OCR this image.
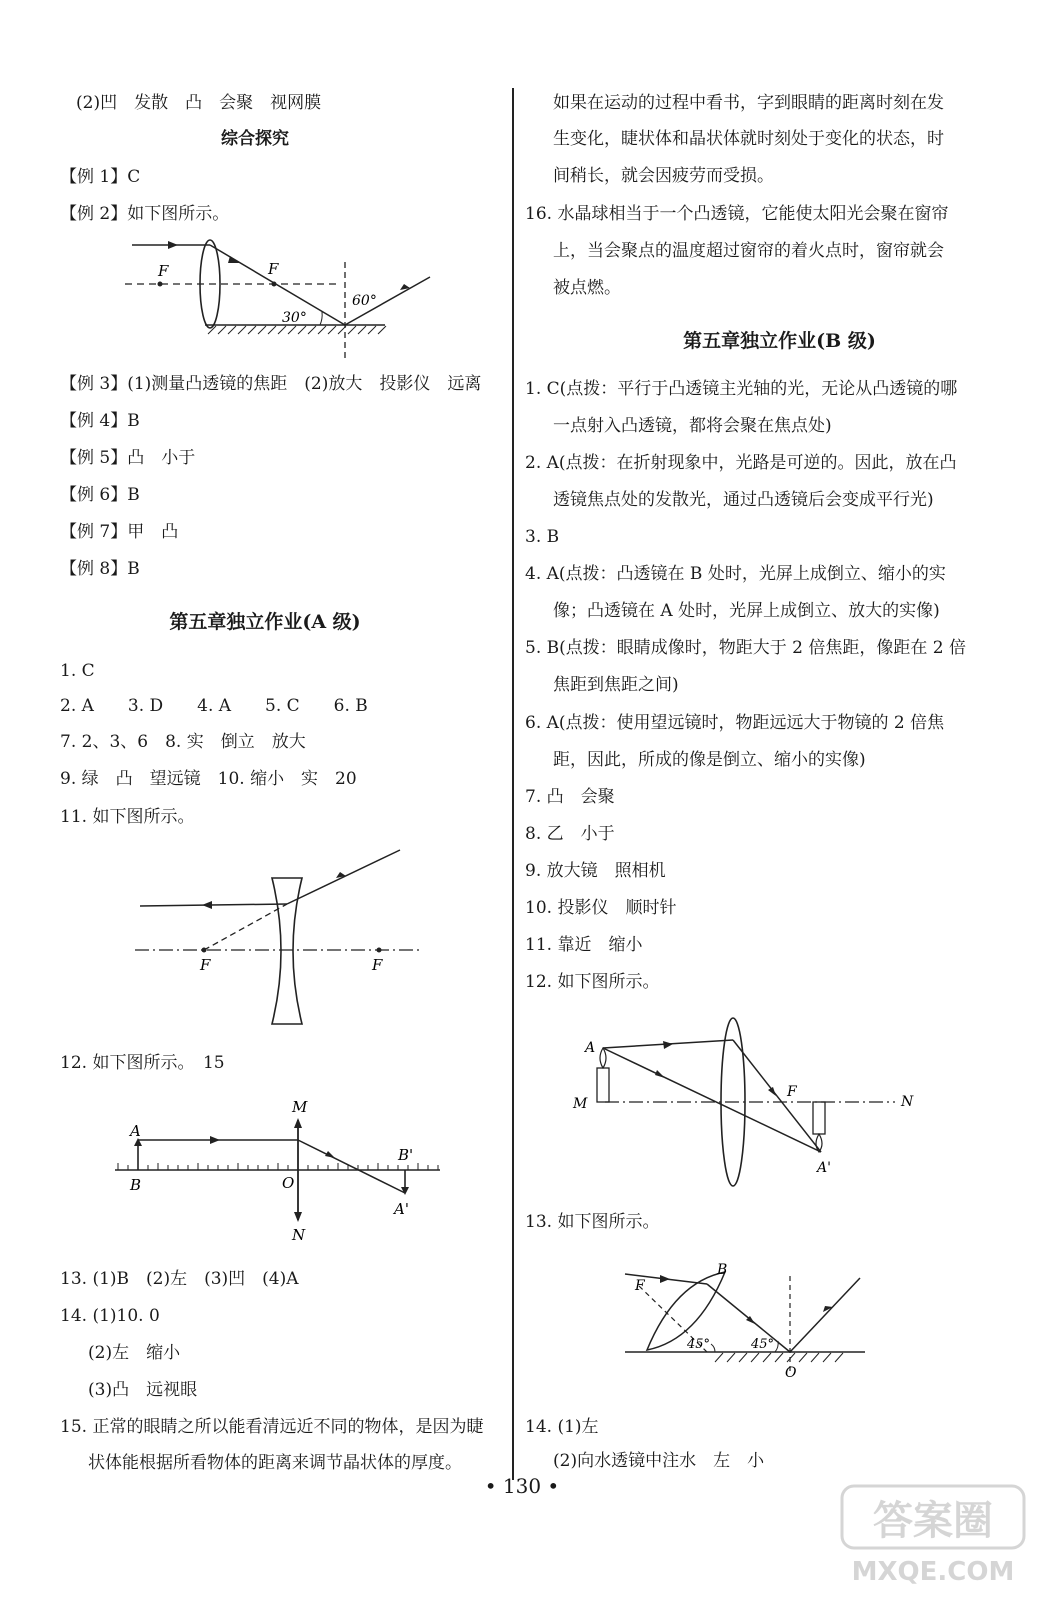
(2)凹　发散　凸　会聚　视网膜
综合探究
【例 1】C
【例 2】如下图所示。
F	F
30°
60°
【例 3】(1)测量凸透镜的焦距　(2)放大　投影仪　远离
【例 4】B
【例 5】凸　小于
【例 6】B
【例 7】甲　凸
【例 8】B
第五章独立作业(A 级)
1. C
2. A　　3. D　　4. A　　5. C　　6. B
7. 2、3、6　8. 实　倒立　放大
9. 绿　凸　望远镜　10. 缩小　实　20
11. 如下图所示。
F	F
12. 如下图所示。　15
M
N
A
B	O
B'
A'
13. (1)B　(2)左　(3)凹　(4)A
14. (1)10. 0
(2)左　缩小
(3)凸　远视眼
15. 正常的眼睛之所以能看清远近不同的物体，是因为睫
状体能根据所看物体的距离来调节晶状体的厚度。
如果在运动的过程中看书，字到眼睛的距离时刻在发
生变化，睫状体和晶状体就时刻处于变化的状态，时
间稍长，就会因疲劳而受损。
16. 水晶球相当于一个凸透镜，它能使太阳光会聚在窗帘
上，当会聚点的温度超过窗帘的着火点时，窗帘就会
被点燃。
第五章独立作业(B 级)
1. C(点拨：平行于凸透镜主光轴的光，无论从凸透镜的哪
一点射入凸透镜，都将会聚在焦点处)
2. A(点拨：在折射现象中，光路是可逆的。因此，放在凸
透镜焦点处的发散光，通过凸透镜后会变成平行光)
3. B
4. A(点拨：凸透镜在 B 处时，光屏上成倒立、缩小的实
像；凸透镜在 A 处时，光屏上成倒立、放大的实像)
5. B(点拨：眼睛成像时，物距大于 2 倍焦距，像距在 2 倍
焦距到焦距之间)
6. A(点拨：使用望远镜时，物距远远大于物镜的 2 倍焦
距，因此，所成的像是倒立、缩小的实像)
7. 凸　会聚
8. 乙　小于
9. 放大镜　照相机
10. 投影仪　顺时针
11. 靠近　缩小
12. 如下图所示。
A
M	N
F
A'
13. 如下图所示。
F
B
45°	45°
O
14. (1)左
(2)向水透镜中注水　左　小
• 130 •
答案圈
MXQE.COM
